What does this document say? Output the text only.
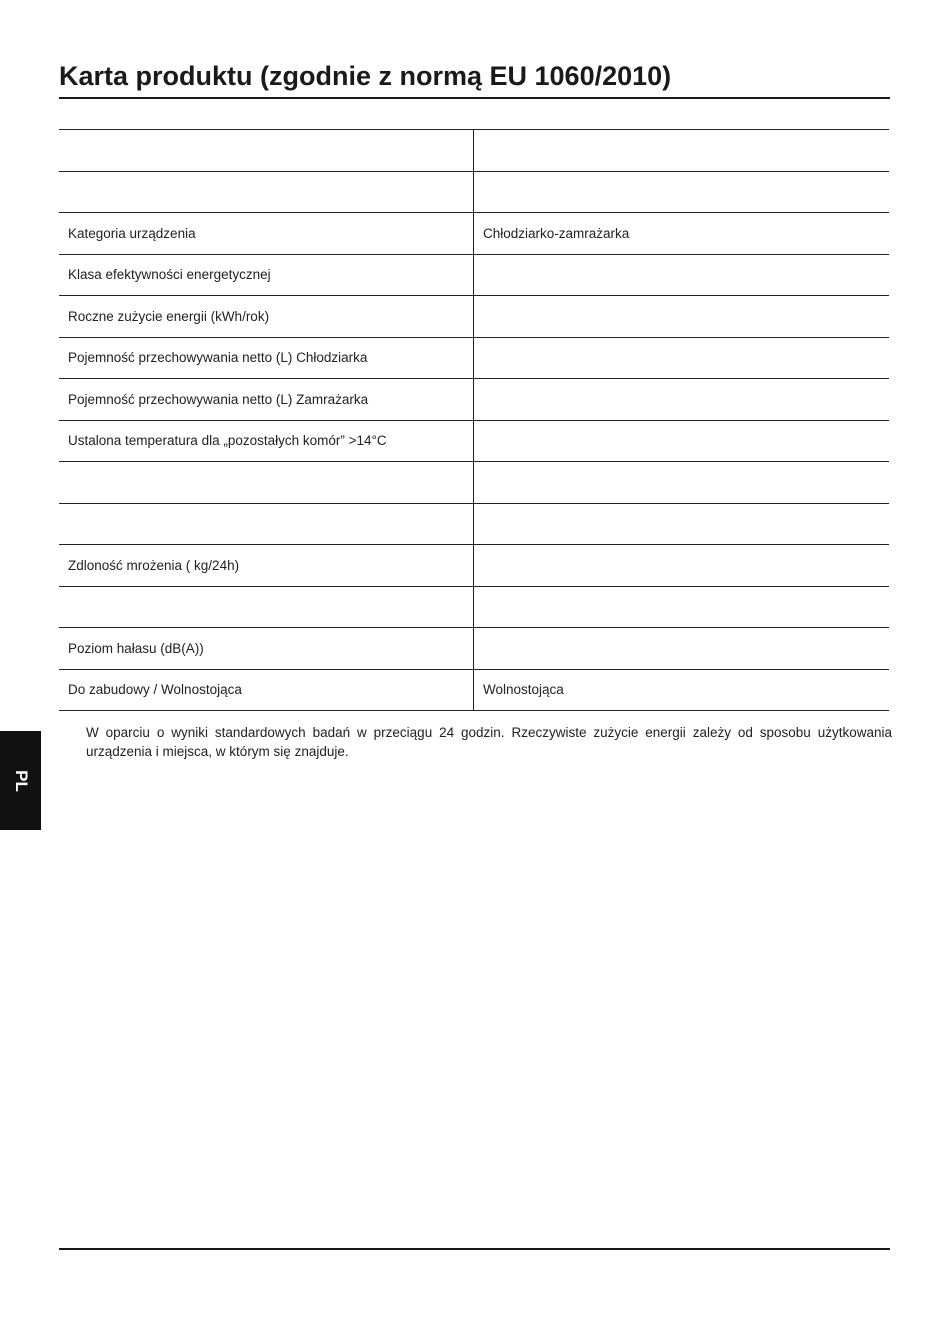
Karta produktu (zgodnie z normą EU 1060/2010)

Kategoria urządzenia	Chłodziarko-zamrażarka
Klasa efektywności energetycznej	
Roczne zużycie energii (kWh/rok)	
Pojemność przechowywania netto (L) Chłodziarka	
Pojemność przechowywania netto (L) Zamrażarka	
Ustalona temperatura dla „pozostałych komór” >14°C	

Zdloność mrożenia ( kg/24h)	

Poziom hałasu (dB(A))	
Do zabudowy / Wolnostojąca	Wolnostojąca

W oparciu o wyniki standardowych badań w przeciągu 24 godzin. Rzeczywiste zużycie energii zależy od sposobu użytkowania urządzenia i miejsca, w którym się znajduje.

PL
